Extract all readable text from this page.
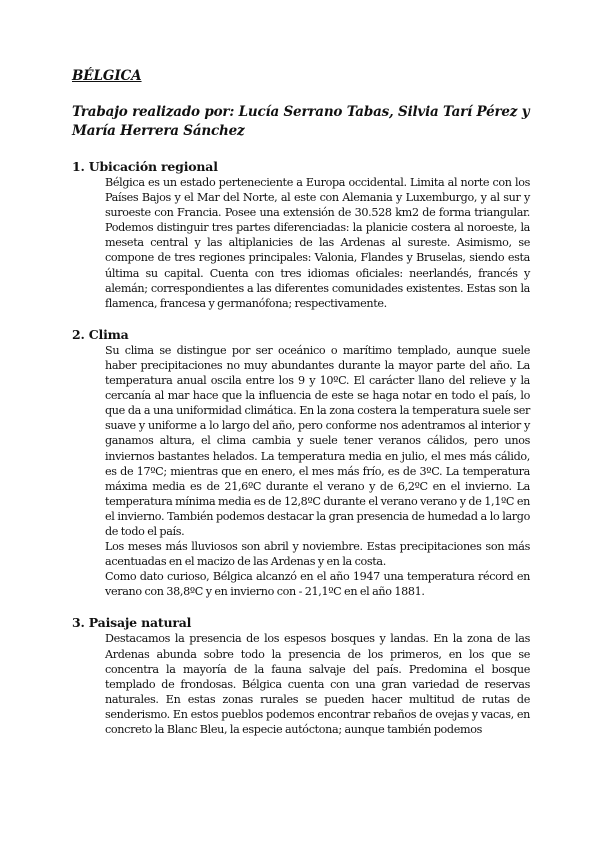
BÉLGICA
Trabajo realizado por: Lucía Serrano Tabas, Silvia Tarí Pérez y María Herrera Sánchez
1. Ubicación regional

Bélgica es un estado perteneciente a Europa occidental. Limita al norte con los Países Bajos y el Mar del Norte, al este con Alemania y Luxemburgo, y al sur y suroeste con Francia. Posee una extensión de 30.528 km2 de forma triangular. Podemos distinguir tres partes diferenciadas: la planicie costera al noroeste, la meseta central y las altiplanicies de las Ardenas al sureste. Asimismo, se compone de tres regiones principales: Valonia, Flandes y Bruselas, siendo esta última su capital. Cuenta con tres idiomas oficiales: neerlandés, francés y alemán; correspondientes a las diferentes comunidades existentes. Estas son la flamenca, francesa y germanófona; respectivamente.

2. Clima

Su clima se distingue por ser oceánico o marítimo templado, aunque suele haber precipitaciones no muy abundantes durante la mayor parte del año. La temperatura anual oscila entre los 9 y 10ºC. El carácter llano del relieve y la cercanía al mar hace que la influencia de este se haga notar en todo el país, lo que da a una uniformidad climática. En la zona costera la temperatura suele ser suave y uniforme a lo largo del año, pero conforme nos adentramos al interior y ganamos altura, el clima cambia y suele tener veranos cálidos, pero unos inviernos bastantes helados. La temperatura media en julio, el mes más cálido, es de 17ºC; mientras que en enero, el mes más frío, es de 3ºC. La temperatura máxima media es de 21,6ºC durante el verano y de 6,2ºC en el invierno. La temperatura mínima media es de 12,8ºC durante el verano verano y de 1,1ºC en el invierno. También podemos destacar la gran presencia de humedad a lo largo de todo el país.

Los meses más lluviosos son abril y noviembre. Estas precipitaciones son más acentuadas en el macizo de las Ardenas y en la costa.

Como dato curioso, Bélgica alcanzó en el año 1947 una temperatura récord en verano con 38,8ºC y en invierno con - 21,1ºC en el año 1881.

3. Paisaje natural

Destacamos la presencia de los espesos bosques y landas. En la zona de las Ardenas abunda sobre todo la presencia de los primeros, en los que se concentra la mayoría de la fauna salvaje del país. Predomina el bosque templado de frondosas. Bélgica cuenta con una gran variedad de reservas naturales. En estas zonas rurales se pueden hacer multitud de rutas de senderismo. En estos pueblos podemos encontrar rebaños de ovejas y vacas, en concreto la Blanc Bleu, la especie autóctona; aunque también podemos
